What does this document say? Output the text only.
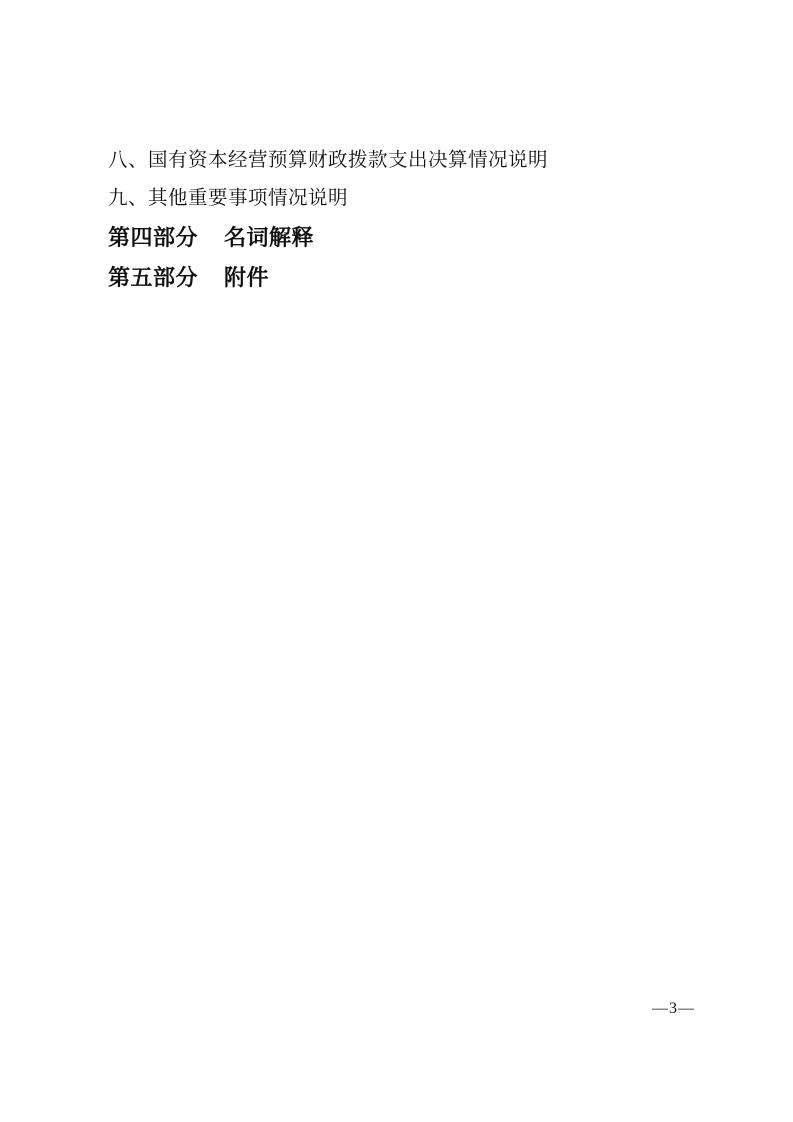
八、国有资本经营预算财政拨款支出决算情况说明
九、其他重要事项情况说明
第四部分 名词解释
第五部分 附件
—3—
